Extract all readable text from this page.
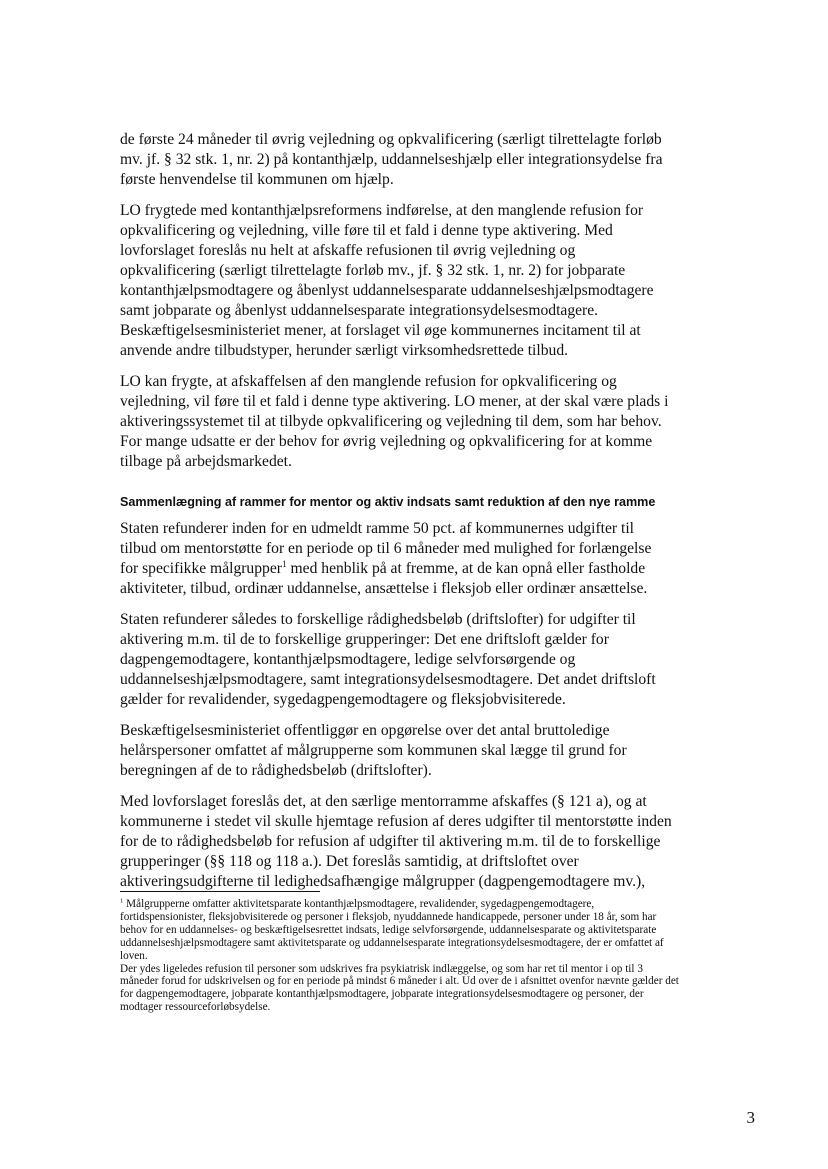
de første 24 måneder til øvrig vejledning og opkvalificering (særligt tilrettelagte forløb mv. jf. § 32 stk. 1, nr. 2) på kontanthjælp, uddannelseshjælp eller integrationsydelse fra første henvendelse til kommunen om hjælp.

LO frygtede med kontanthjælpsreformens indførelse, at den manglende refusion for opkvalificering og vejledning, ville føre til et fald i denne type aktivering. Med lovforslaget foreslås nu helt at afskaffe refusionen til øvrig vejledning og opkvalificering (særligt tilrettelagte forløb mv., jf. § 32 stk. 1, nr. 2) for jobparate kontanthjælpsmodtagere og åbenlyst uddannelsesparate uddannelseshjælpsmodtagere samt jobparate og åbenlyst uddannelsesparate integrationsydelsesmodtagere. Beskæftigelsesministeriet mener, at forslaget vil øge kommunernes incitament til at anvende andre tilbudstyper, herunder særligt virksomhedsrettede tilbud.

LO kan frygte, at afskaffelsen af den manglende refusion for opkvalificering og vejledning, vil føre til et fald i denne type aktivering. LO mener, at der skal være plads i aktiveringssystemet til at tilbyde opkvalificering og vejledning til dem, som har behov. For mange udsatte er der behov for øvrig vejledning og opkvalificering for at komme tilbage på arbejdsmarkedet.

Sammenlægning af rammer for mentor og aktiv indsats samt reduktion af den nye ramme

Staten refunderer inden for en udmeldt ramme 50 pct. af kommunernes udgifter til tilbud om mentorstøtte for en periode op til 6 måneder med mulighed for forlængelse for specifikke målgrupper$^1$ med henblik på at fremme, at de kan opnå eller fastholde aktiviteter, tilbud, ordinær uddannelse, ansættelse i fleksjob eller ordinær ansættelse.

Staten refunderer således to forskellige rådighedsbeløb (driftslofter) for udgifter til aktivering m.m. til de to forskellige grupperinger: Det ene driftsloft gælder for dagpengemodtagere, kontanthjælpsmodtagere, ledige selvforsørgende og uddannelseshjælpsmodtagere, samt integrationsydelsesmodtagere. Det andet driftsloft gælder for revalidender, sygedagpengemodtagere og fleksjobvisiterede.

Beskæftigelsesministeriet offentliggør en opgørelse over det antal bruttoledige helårspersoner omfattet af målgrupperne som kommunen skal lægge til grund for beregningen af de to rådighedsbeløb (driftslofter).

Med lovforslaget foreslås det, at den særlige mentorramme afskaffes (§ 121 a), og at kommunerne i stedet vil skulle hjemtage refusion af deres udgifter til mentorstøtte inden for de to rådighedsbeløb for refusion af udgifter til aktivering m.m. til de to forskellige grupperinger (§§ 118 og 118 a.). Det foreslås samtidig, at driftsloftet over aktiveringsudgifterne til ledighedsafhængige målgrupper (dagpengemodtagere mv.),

$^1$ Målgrupperne omfatter aktivitetsparate kontanthjælpsmodtagere, revalidender, sygedagpengemodtagere, fortidspensionister, fleksjobvisiterede og personer i fleksjob, nyuddannede handicappede, personer under 18 år, som har behov for en uddannelses- og beskæftigelsesrettet indsats, ledige selvforsørgende, uddannelsesparate og aktivitetsparate uddannelseshjælpsmodtagere samt aktivitetsparate og uddannelsesparate integrationsydelsesmodtagere, der er omfattet af loven.

Der ydes ligeledes refusion til personer som udskrives fra psykiatrisk indlæggelse, og som har ret til mentor i op til 3 måneder forud for udskrivelsen og for en periode på mindst 6 måneder i alt. Ud over de i afsnittet ovenfor nævnte gælder det for dagpengemodtagere, jobparate kontanthjælpsmodtagere, jobparate integrationsydelsesmodtagere og personer, der modtager ressourceforløbsydelse.

3
